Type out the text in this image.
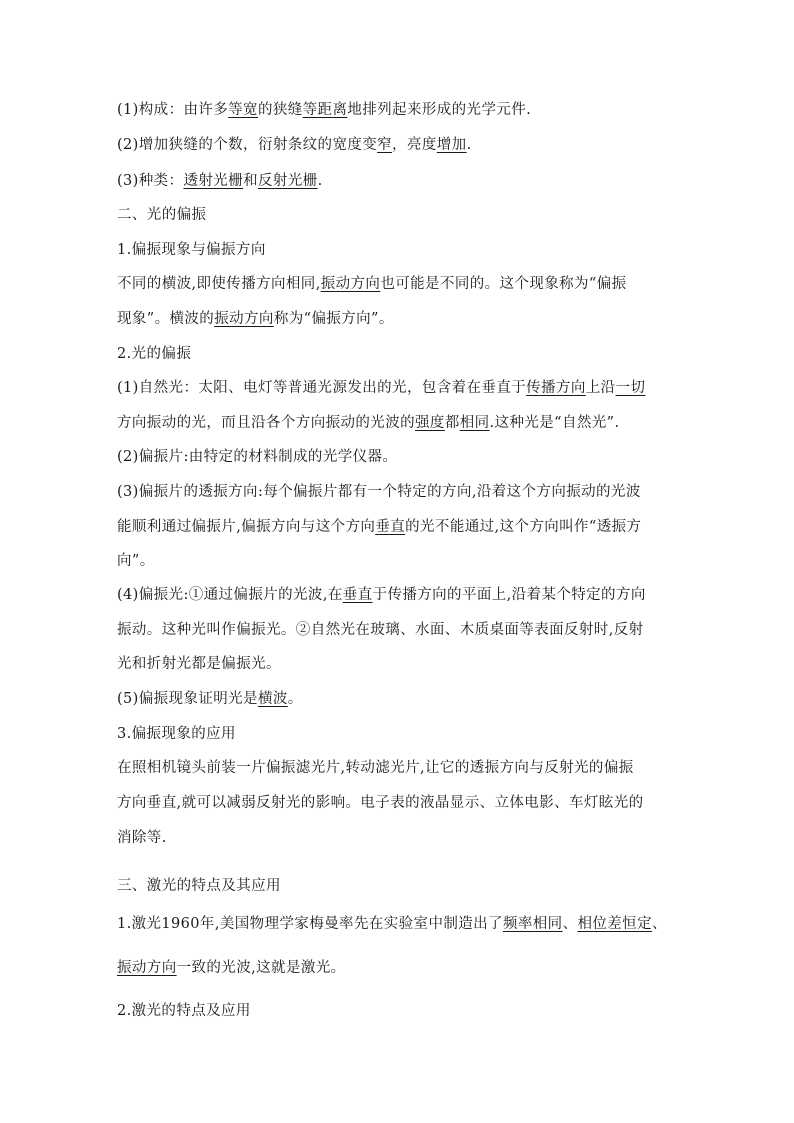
(1)构成：由许多等宽的狭缝等距离地排列起来形成的光学元件.
(2)增加狭缝的个数，衍射条纹的宽度变窄，亮度增加.
(3)种类：透射光栅和反射光栅.
二、光的偏振
1.偏振现象与偏振方向
不同的横波,即使传播方向相同,振动方向也可能是不同的。这个现象称为“偏振
现象”。横波的振动方向称为“偏振方向”。
2.光的偏振
(1)自然光：太阳、电灯等普通光源发出的光，包含着在垂直于传播方向上沿一切
方向振动的光，而且沿各个方向振动的光波的强度都相同.这种光是“自然光”.
(2)偏振片:由特定的材料制成的光学仪器。
(3)偏振片的透振方向:每个偏振片都有一个特定的方向,沿着这个方向振动的光波
能顺利通过偏振片,偏振方向与这个方向垂直的光不能通过,这个方向叫作“透振方
向”。
(4)偏振光:①通过偏振片的光波,在垂直于传播方向的平面上,沿着某个特定的方向
振动。这种光叫作偏振光。②自然光在玻璃、水面、木质桌面等表面反射时,反射
光和折射光都是偏振光。
(5)偏振现象证明光是横波。
3.偏振现象的应用
在照相机镜头前装一片偏振滤光片,转动滤光片,让它的透振方向与反射光的偏振
方向垂直,就可以减弱反射光的影响。电子表的液晶显示、立体电影、车灯眩光的
消除等.
三、激光的特点及其应用
1.激光1960年,美国物理学家梅曼率先在实验室中制造出了频率相同、相位差恒定、
振动方向一致的光波,这就是激光。
2.激光的特点及应用
